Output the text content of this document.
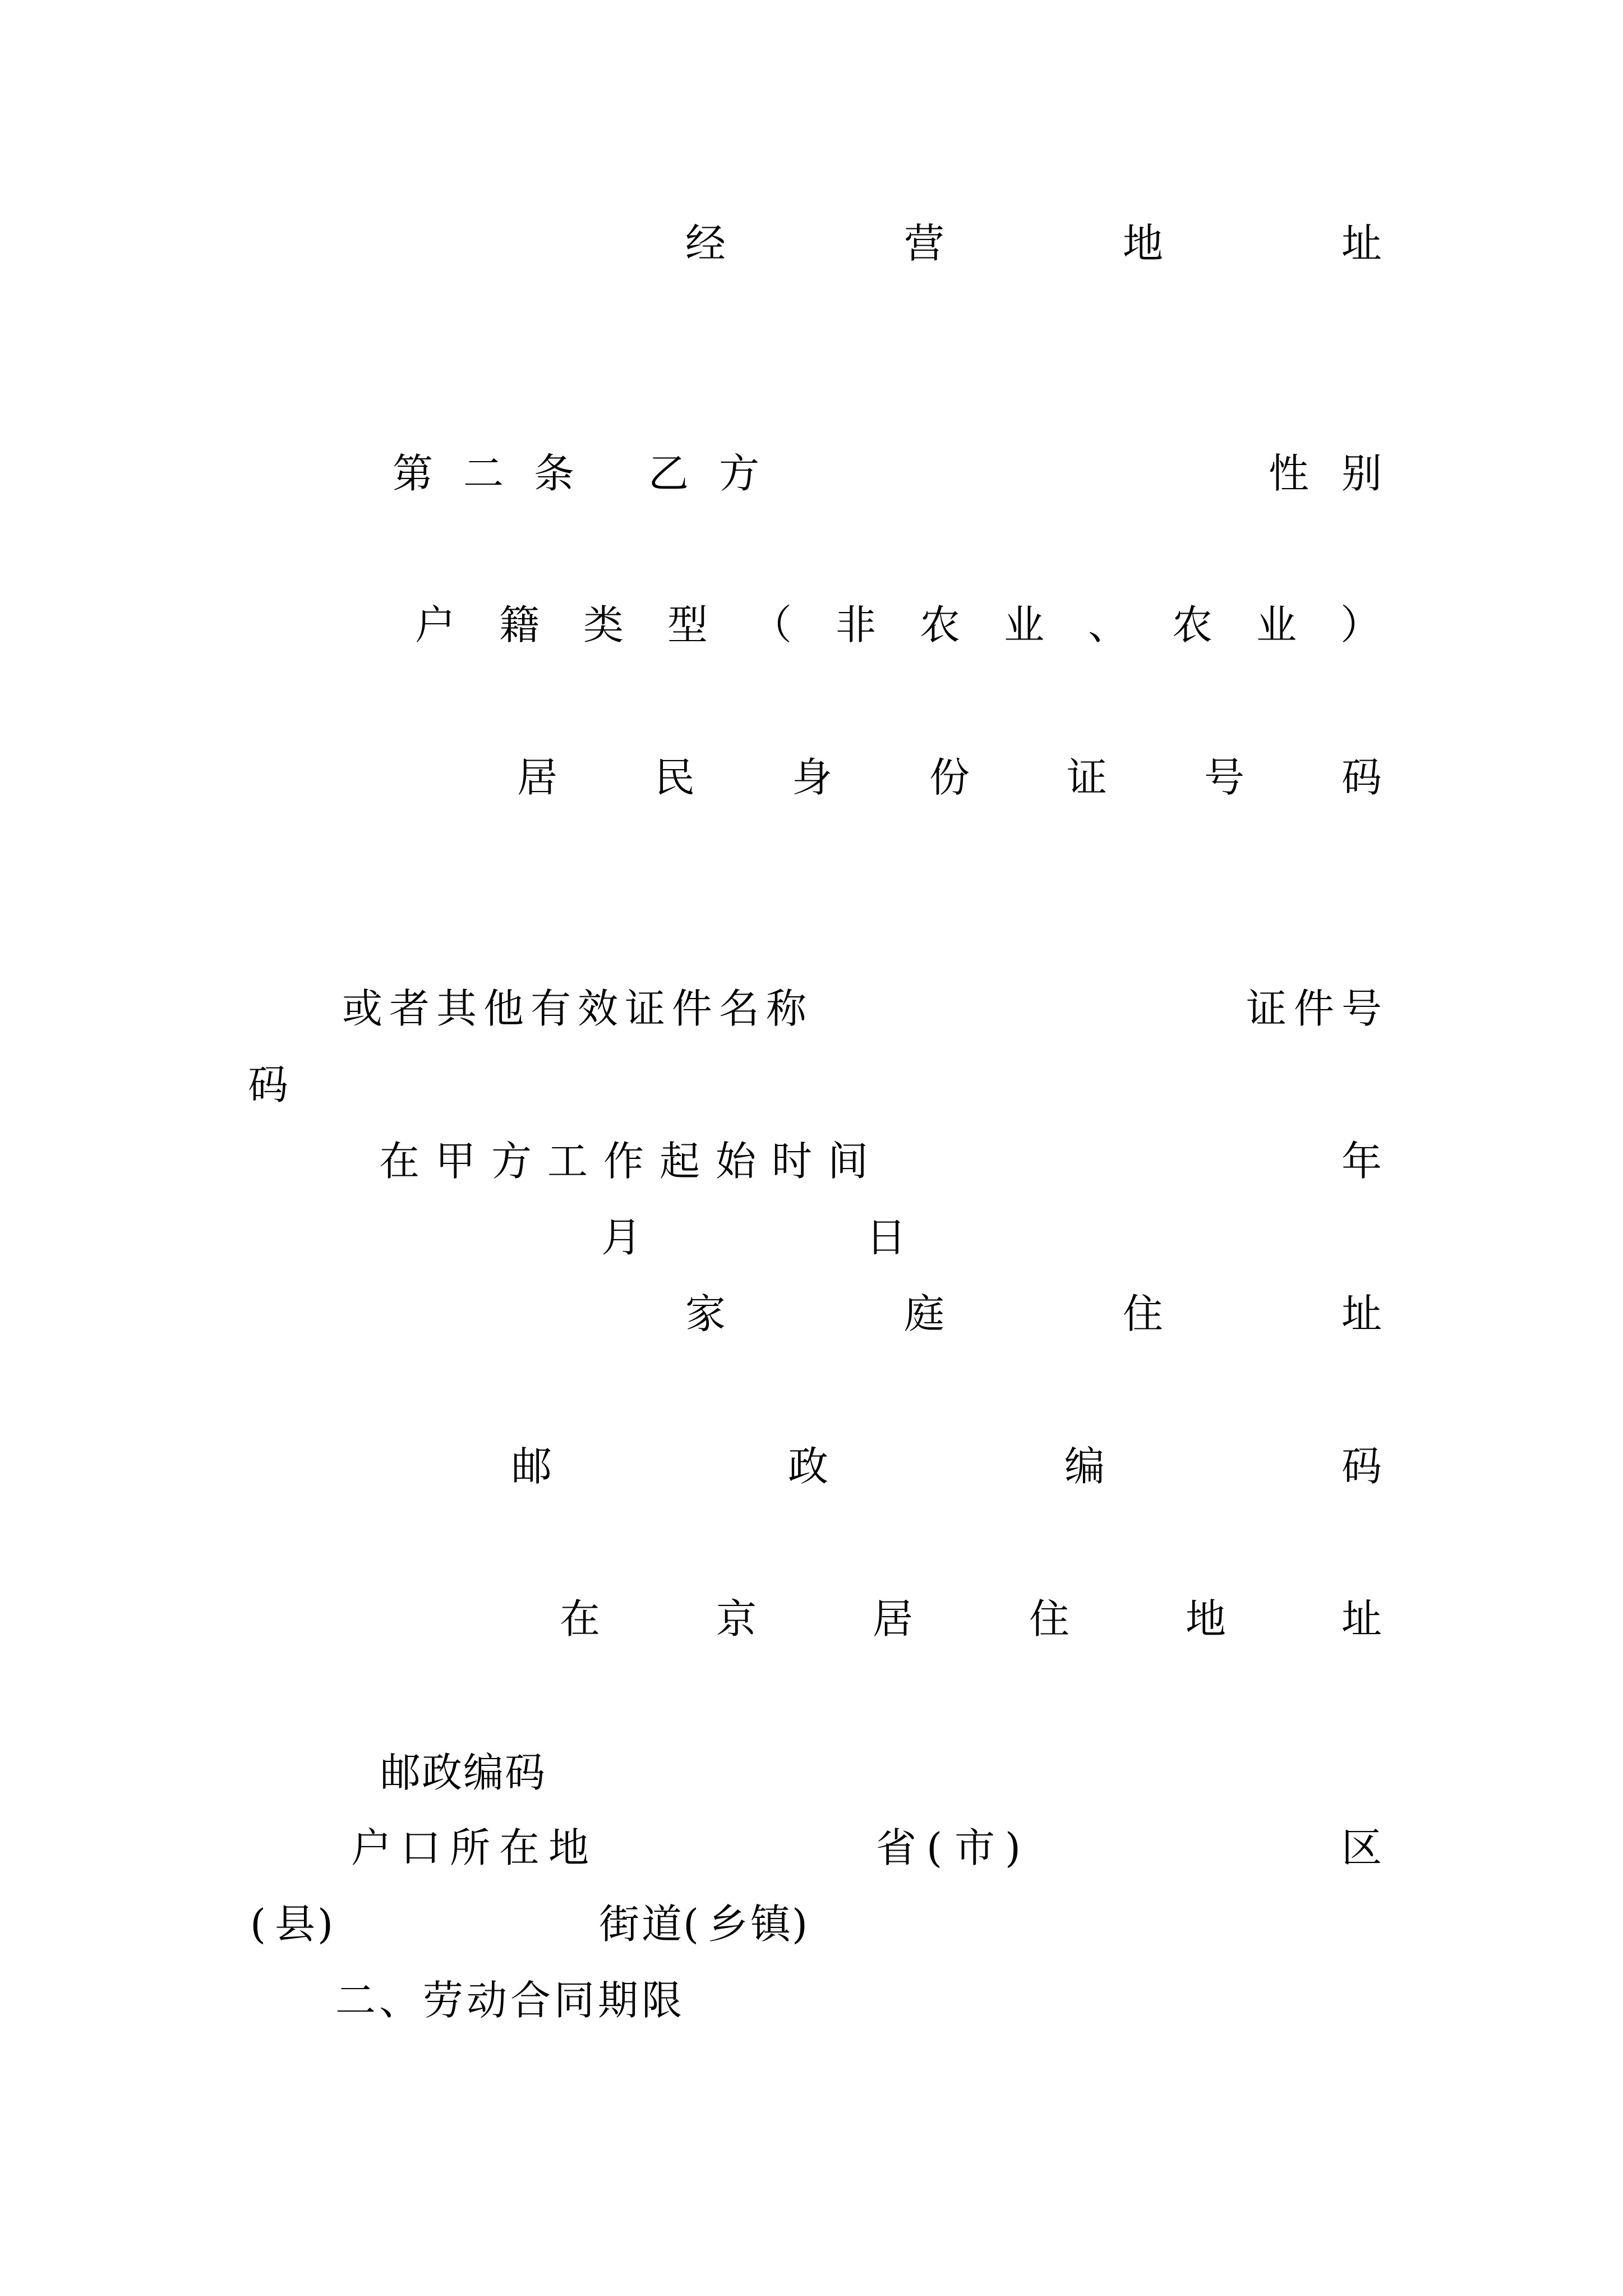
经	营	地	址
第 二 条 乙 方	性 别
户 籍 类 型 （ 非 农 业 、 农 业 ）
居 民 身 份 证 号 码
或 者 其 他 有 效 证 件 名 称	证 件 号
码
在 甲 方 工 作 起 始 时 间	年
月	日
家	庭	住	址
邮	政	编	码
在	京	居	住	地	址
邮 政 编 码
户 口 所 在 地	省 ( 市 )	区
( 县 )	街 道 ( 乡 镇 )
二 、 劳 动 合 同 期 限
